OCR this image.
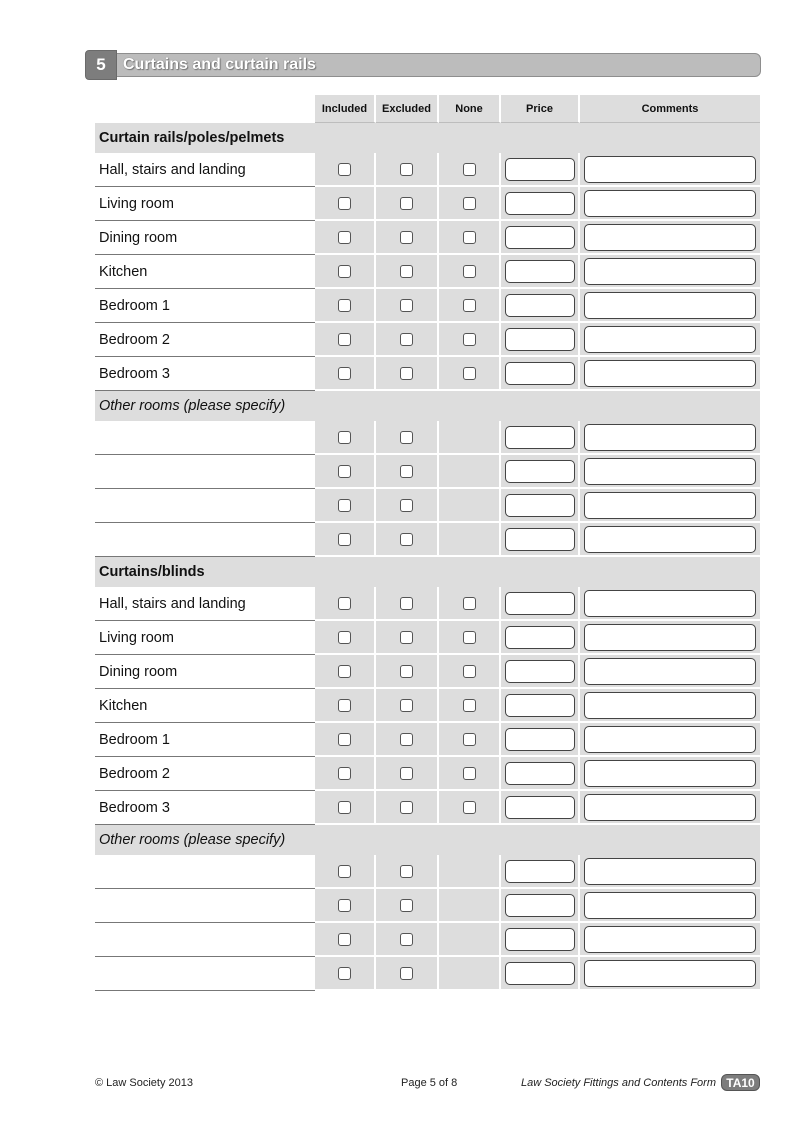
5	Curtains and curtain rails
Included	Excluded	None	Price	Comments
Curtain rails/poles/pelmets
Hall, stairs and landing
Living room
Dining room
Kitchen
Bedroom 1
Bedroom 2
Bedroom 3
Other rooms (please specify)
Curtains/blinds
Hall, stairs and landing
Living room
Dining room
Kitchen
Bedroom 1
Bedroom 2
Bedroom 3
Other rooms (please specify)
© Law Society 2013	Page 5 of 8	Law Society Fittings and Contents Form TA10
